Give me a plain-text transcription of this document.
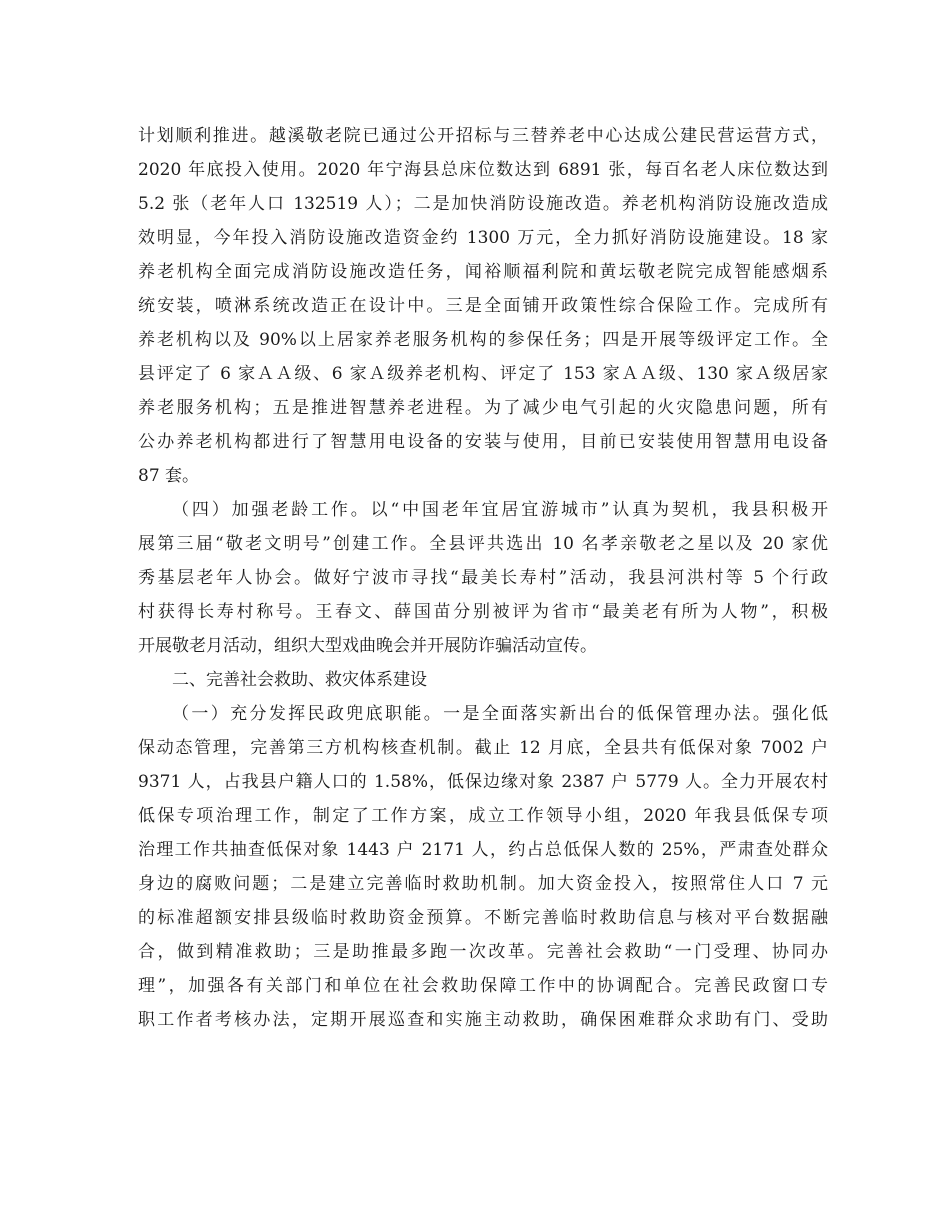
计划顺利推进。越溪敬老院已通过公开招标与三替养老中心达成公建民营运营方式，
2020 年底投入使用。2020 年宁海县总床位数达到 6891 张，每百名老人床位数达到
5.2 张（老年人口 132519 人）；二是加快消防设施改造。养老机构消防设施改造成
效明显，今年投入消防设施改造资金约 1300 万元，全力抓好消防设施建设。18 家
养老机构全面完成消防设施改造任务，闻裕顺福利院和黄坛敬老院完成智能感烟系
统安装，喷淋系统改造正在设计中。三是全面铺开政策性综合保险工作。完成所有
养老机构以及 90%以上居家养老服务机构的参保任务；四是开展等级评定工作。全
县评定了 6 家ＡＡ级、6 家Ａ级养老机构、评定了 153 家ＡＡ级、130 家Ａ级居家
养老服务机构；五是推进智慧养老进程。为了减少电气引起的火灾隐患问题，所有
公办养老机构都进行了智慧用电设备的安装与使用，目前已安装使用智慧用电设备
87 套。
（四）加强老龄工作。以“中国老年宜居宜游城市”认真为契机，我县积极开
展第三届“敬老文明号”创建工作。全县评共选出 10 名孝亲敬老之星以及 20 家优
秀基层老年人协会。做好宁波市寻找“最美长寿村”活动，我县河洪村等 5 个行政
村获得长寿村称号。王春文、薛国苗分别被评为省市“最美老有所为人物”，积极
开展敬老月活动，组织大型戏曲晚会并开展防诈骗活动宣传。
二、完善社会救助、救灾体系建设
（一）充分发挥民政兜底职能。一是全面落实新出台的低保管理办法。强化低
保动态管理，完善第三方机构核查机制。截止 12 月底，全县共有低保对象 7002 户
9371 人，占我县户籍人口的 1.58%，低保边缘对象 2387 户 5779 人。全力开展农村
低保专项治理工作，制定了工作方案，成立工作领导小组，2020 年我县低保专项
治理工作共抽查低保对象 1443 户 2171 人，约占总低保人数的 25%，严肃查处群众
身边的腐败问题；二是建立完善临时救助机制。加大资金投入，按照常住人口 7 元
的标准超额安排县级临时救助资金预算。不断完善临时救助信息与核对平台数据融
合，做到精准救助；三是助推最多跑一次改革。完善社会救助“一门受理、协同办
理”，加强各有关部门和单位在社会救助保障工作中的协调配合。完善民政窗口专
职工作者考核办法，定期开展巡查和实施主动救助，确保困难群众求助有门、受助
